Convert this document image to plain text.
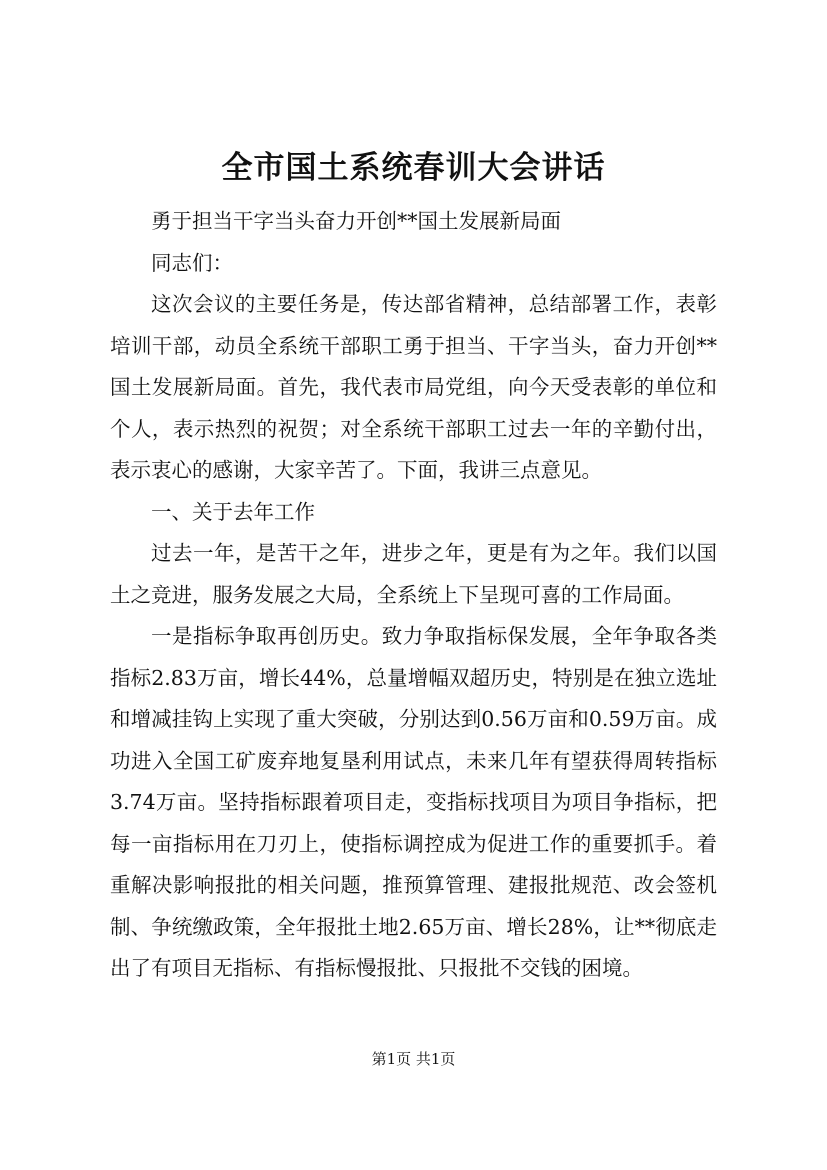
全市国土系统春训大会讲话

勇于担当干字当头奋力开创**国土发展新局面

同志们：

这次会议的主要任务是，传达部省精神，总结部署工作，表彰培训干部，动员全系统干部职工勇于担当、干字当头，奋力开创**国土发展新局面。首先，我代表市局党组，向今天受表彰的单位和个人，表示热烈的祝贺；对全系统干部职工过去一年的辛勤付出，表示衷心的感谢，大家辛苦了。下面，我讲三点意见。

一、关于去年工作

过去一年，是苦干之年，进步之年，更是有为之年。我们以国土之竞进，服务发展之大局，全系统上下呈现可喜的工作局面。

一是指标争取再创历史。致力争取指标保发展，全年争取各类指标2.83万亩，增长44%，总量增幅双超历史，特别是在独立选址和增减挂钩上实现了重大突破，分别达到0.56万亩和0.59万亩。成功进入全国工矿废弃地复垦利用试点，未来几年有望获得周转指标3.74万亩。坚持指标跟着项目走，变指标找项目为项目争指标，把每一亩指标用在刀刃上，使指标调控成为促进工作的重要抓手。着重解决影响报批的相关问题，推预算管理、建报批规范、改会签机制、争统缴政策，全年报批土地2.65万亩、增长28%，让**彻底走出了有项目无指标、有指标慢报批、只报批不交钱的困境。

第1页 共1页
